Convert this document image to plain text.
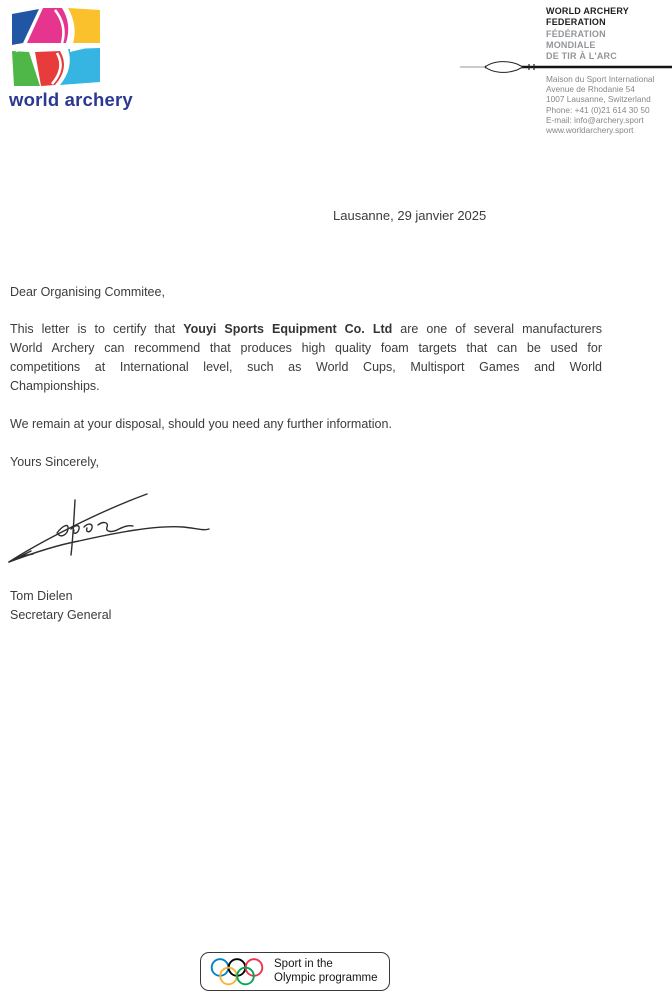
world archery
WORLD ARCHERY
FEDERATION
FÉDÉRATION
MONDIALE
DE TIR À L'ARC
Maison du Sport International
Avenue de Rhodanie 54
1007 Lausanne, Switzerland
Phone: +41 (0)21 614 30 50
E-mail: info@archery.sport
www.worldarchery.sport
Lausanne, 29 janvier 2025
Dear Organising Commitee,
This letter is to certify that Youyi Sports Equipment Co. Ltd are one of several manufacturers
World Archery can recommend that produces high quality foam targets that can be used for
competitions at International level, such as World Cups, Multisport Games and World
Championships.
We remain at your disposal, should you need any further information.
Yours Sincerely,
Tom Dielen
Secretary General
Sport in the
Olympic programme
